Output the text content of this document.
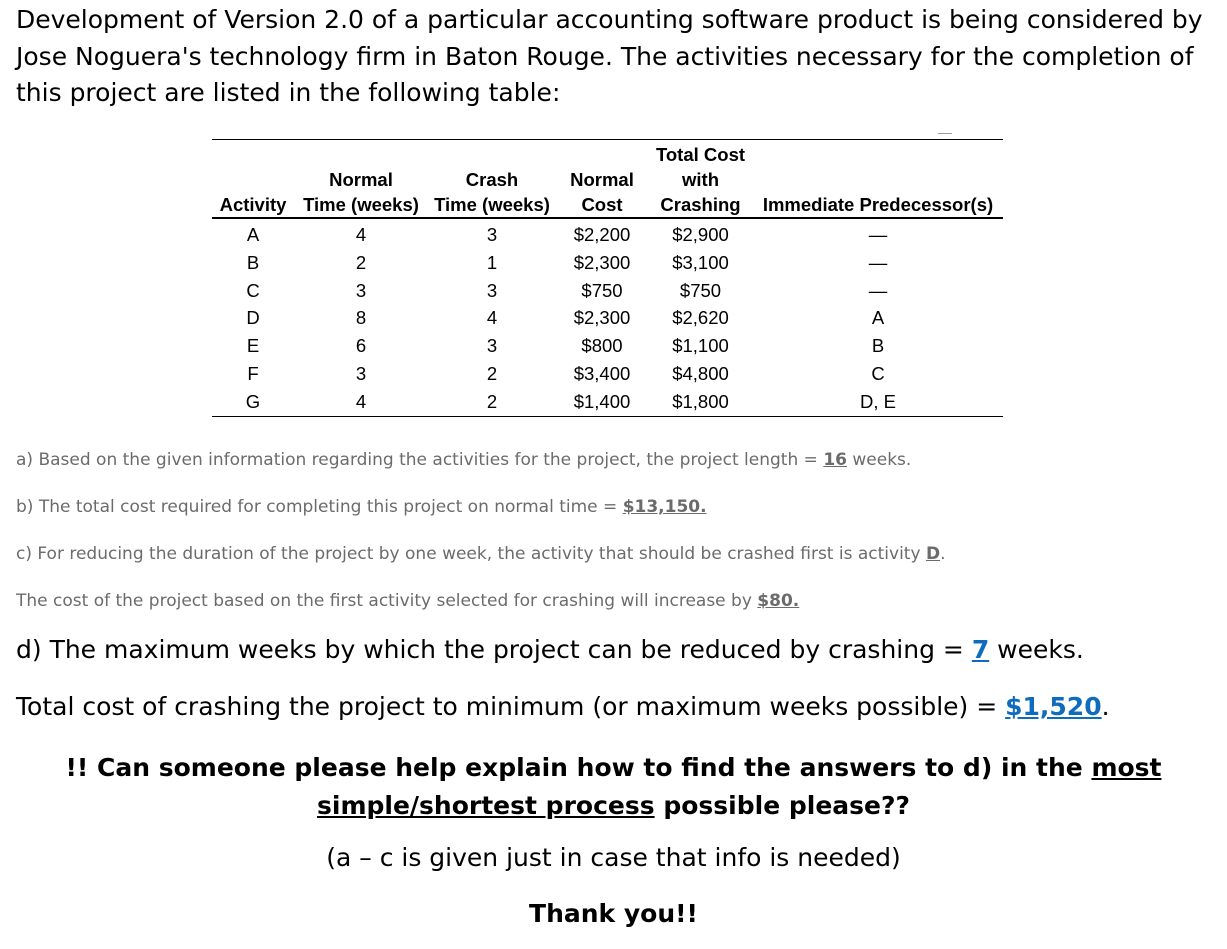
Development of Version 2.0 of a particular accounting software product is being considered by Jose Noguera's technology firm in Baton Rouge. The activities necessary for the completion of this project are listed in the following table:

				Total Cost	
	Normal	Crash	Normal	with	
Activity	Time (weeks)	Time (weeks)	Cost	Crashing	Immediate Predecessor(s)
A	4	3	$2,200	$2,900	—
B	2	1	$2,300	$3,100	—
C	3	3	$750	$750	—
D	8	4	$2,300	$2,620	A
E	6	3	$800	$1,100	B
F	3	2	$3,400	$4,800	C
G	4	2	$1,400	$1,800	D, E

a) Based on the given information regarding the activities for the project, the project length = 16 weeks.

b) The total cost required for completing this project on normal time = $13,150.

c) For reducing the duration of the project by one week, the activity that should be crashed first is activity D.

The cost of the project based on the first activity selected for crashing will increase by $80.

d) The maximum weeks by which the project can be reduced by crashing = 7 weeks.

Total cost of crashing the project to minimum (or maximum weeks possible) = $1,520.

!! Can someone please help explain how to find the answers to d) in the most simple/shortest process possible please??

(a – c is given just in case that info is needed)

Thank you!!
